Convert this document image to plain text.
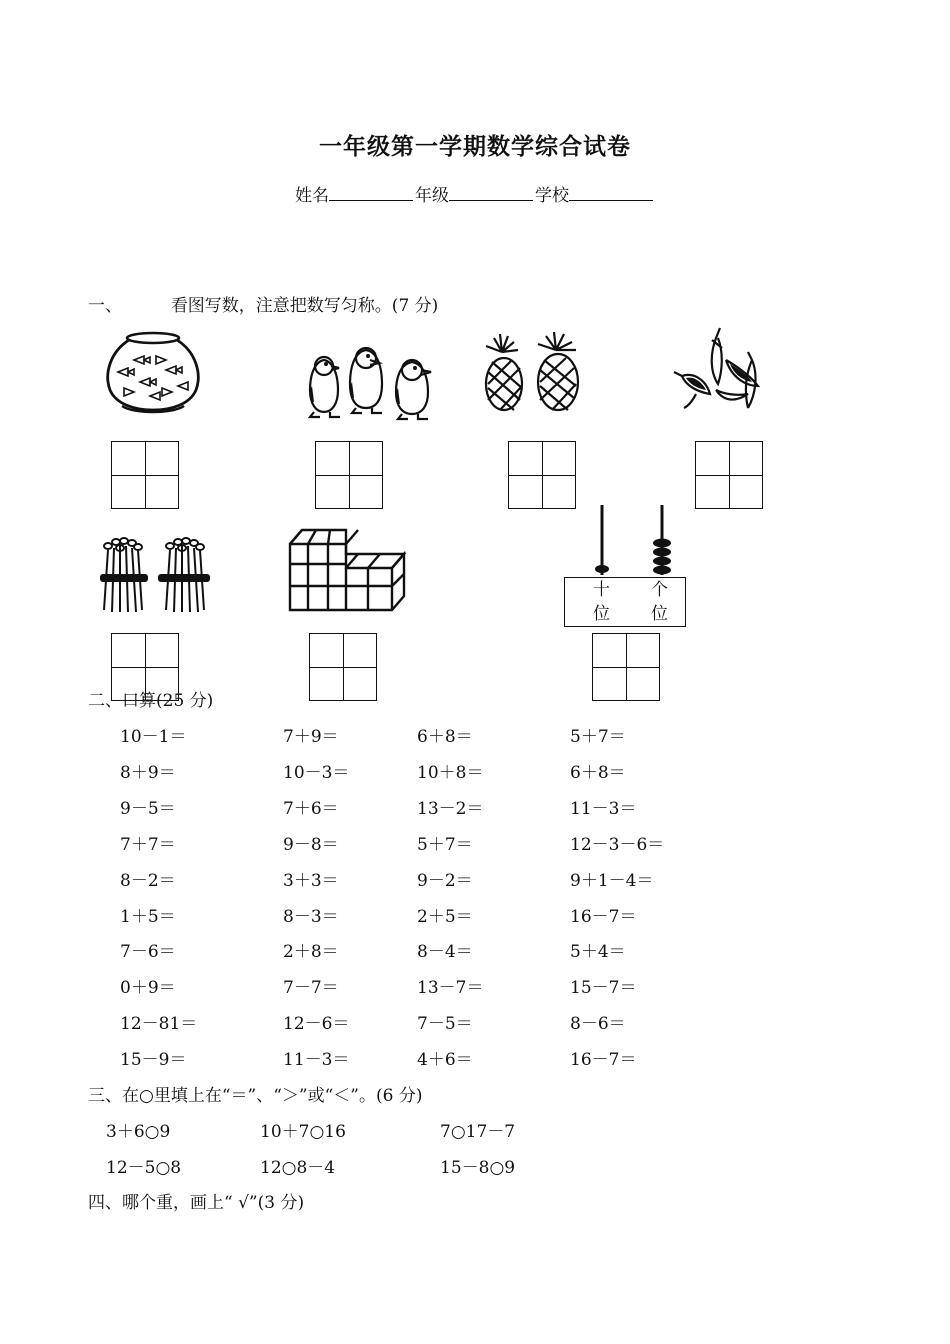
一年级第一学期数学综合试卷
姓名	年级	学校
一、	看图写数，注意把数写匀称。(7 分)
十
位
个
位
二、口算(25 分)
10－1＝	7＋9＝	6＋8＝	5＋7＝
8＋9＝	10－3＝	10＋8＝	6＋8＝
9－5＝	7＋6＝	13－2＝	11－3＝
7＋7＝	9－8＝	5＋7＝	12－3－6＝
8－2＝	3＋3＝	9－2＝	9＋1－4＝
1＋5＝	8－3＝	2＋5＝	16－7＝
7－6＝	2＋8＝	8－4＝	5＋4＝
0＋9＝	7－7＝	13－7＝	15－7＝
12－81＝	12－6＝	7－5＝	8－6＝
15－9＝	11－3＝	4＋6＝	16－7＝
三、在○里填上在“＝”、“＞”或“＜”。(6 分)
3＋6○9	10＋7○16	7○17－7
12－5○8	12○8－4	15－8○9
四、哪个重，画上“ √”(3 分)
